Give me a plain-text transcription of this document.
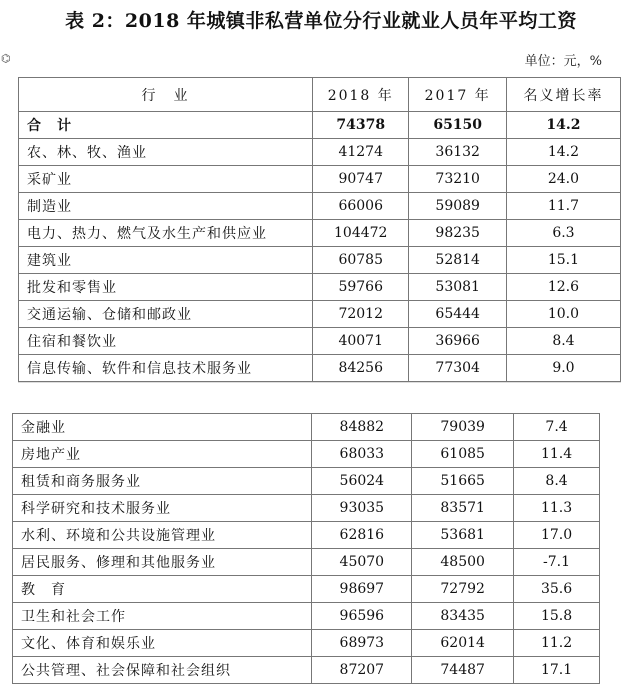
表 2：2018 年城镇非私营单位分行业就业人员年平均工资
⌬	单位：元，%
行　业	2018 年	2017 年	名义增长率
合　计	74378	65150	14.2
农、林、牧、渔业	41274	36132	14.2
采矿业	90747	73210	24.0
制造业	66006	59089	11.7
电力、热力、燃气及水生产和供应业	104472	98235	6.3
建筑业	60785	52814	15.1
批发和零售业	59766	53081	12.6
交通运输、仓储和邮政业	72012	65444	10.0
住宿和餐饮业	40071	36966	8.4
信息传输、软件和信息技术服务业	84256	77304	9.0
金融业	84882	79039	7.4
房地产业	68033	61085	11.4
租赁和商务服务业	56024	51665	8.4
科学研究和技术服务业	93035	83571	11.3
水利、环境和公共设施管理业	62816	53681	17.0
居民服务、修理和其他服务业	45070	48500	-7.1
教　育	98697	72792	35.6
卫生和社会工作	96596	83435	15.8
文化、体育和娱乐业	68973	62014	11.2
公共管理、社会保障和社会组织	87207	74487	17.1
